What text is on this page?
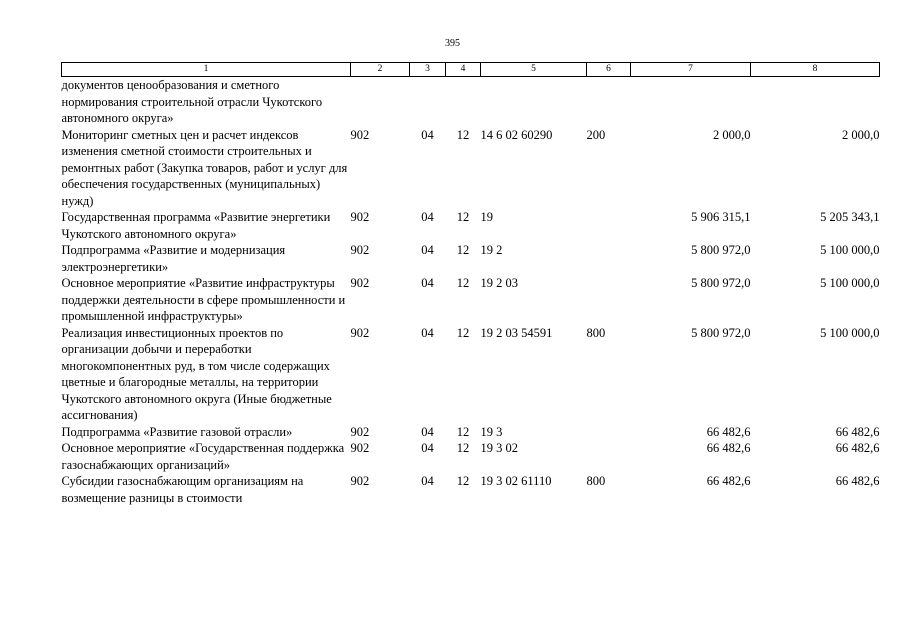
395
1	2	3	4	5	6	7	8
документов ценообразования и сметного нормирования строительной отрасли Чукотского автономного округа»							
Мониторинг сметных цен и расчет индексов изменения сметной стоимости строительных и ремонтных работ (Закупка товаров, работ и услуг для обеспечения государственных (муниципальных) нужд)	902	04	12	14 6 02 60290	200	2 000,0	2 000,0
Государственная программа «Развитие энергетики Чукотского автономного округа»	902	04	12	19		5 906 315,1	5 205 343,1
Подпрограмма «Развитие и модернизация электроэнергетики»	902	04	12	19 2		5 800 972,0	5 100 000,0
Основное мероприятие «Развитие инфраструктуры поддержки деятельности в сфере промышленности и промышленной инфраструктуры»	902	04	12	19 2 03		5 800 972,0	5 100 000,0
Реализация инвестиционных проектов по организации добычи и переработки многокомпонентных руд, в том числе содержащих цветные и благородные металлы, на территории Чукотского автономного округа (Иные бюджетные ассигнования)	902	04	12	19 2 03 54591	800	5 800 972,0	5 100 000,0
Подпрограмма «Развитие газовой отрасли»	902	04	12	19 3		66 482,6	66 482,6
Основное мероприятие «Государственная поддержка газоснабжающих организаций»	902	04	12	19 3 02		66 482,6	66 482,6
Субсидии газоснабжающим организациям на возмещение разницы в стоимости	902	04	12	19 3 02 61110	800	66 482,6	66 482,6
